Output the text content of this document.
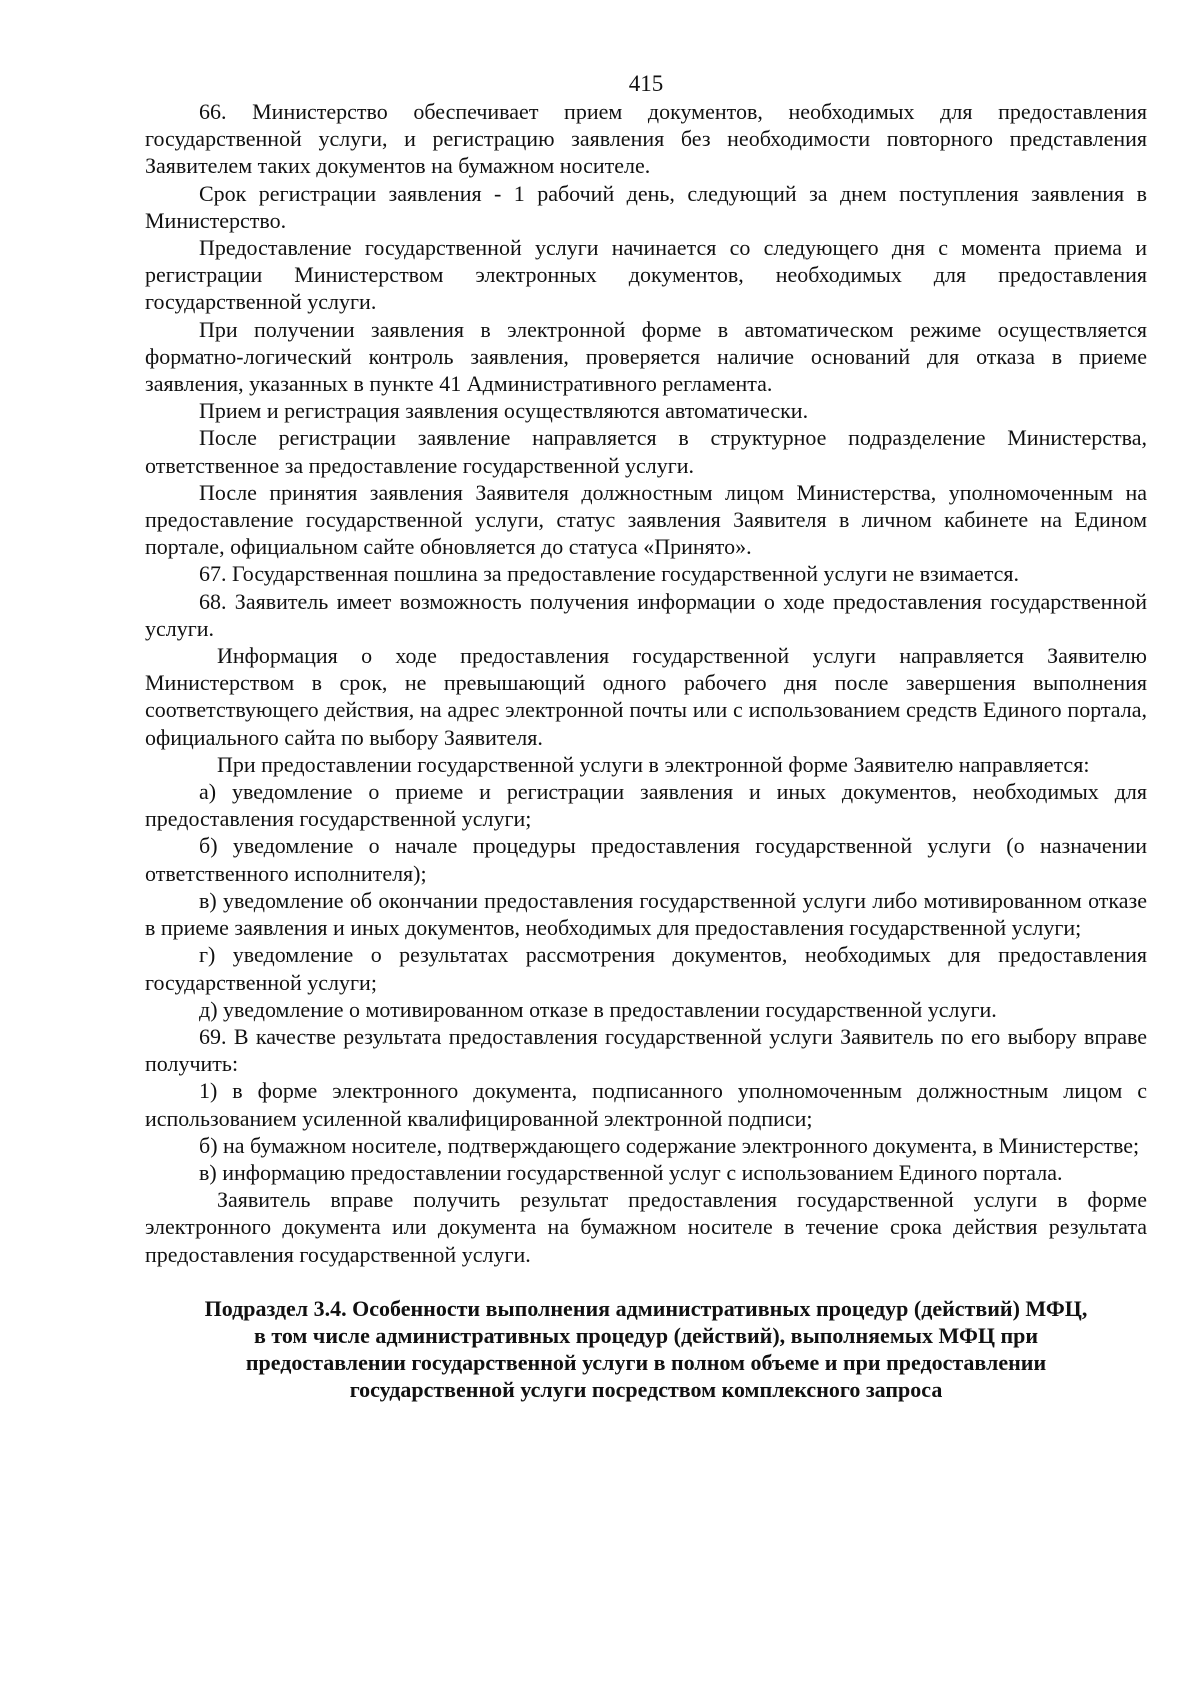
415

66. Министерство обеспечивает прием документов, необходимых для предоставления государственной услуги, и регистрацию заявления без необходимости повторного представления Заявителем таких документов на бумажном носителе.

Срок регистрации заявления - 1 рабочий день, следующий за днем поступления заявления в Министерство.

Предоставление государственной услуги начинается со следующего дня с момента приема и регистрации Министерством электронных документов, необходимых для предоставления государственной услуги.

При получении заявления в электронной форме в автоматическом режиме осуществляется форматно-логический контроль заявления, проверяется наличие оснований для отказа в приеме заявления, указанных в пункте 41 Административного регламента.

Прием и регистрация заявления осуществляются автоматически.

После регистрации заявление направляется в структурное подразделение Министерства, ответственное за предоставление государственной услуги.

После принятия заявления Заявителя должностным лицом Министерства, уполномоченным на предоставление государственной услуги, статус заявления Заявителя в личном кабинете на Едином портале, официальном сайте обновляется до статуса «Принято».

67. Государственная пошлина за предоставление государственной услуги не взимается.

68. Заявитель имеет возможность получения информации о ходе предоставления государственной услуги.

Информация о ходе предоставления государственной услуги направляется Заявителю Министерством в срок, не превышающий одного рабочего дня после завершения выполнения соответствующего действия, на адрес электронной почты или с использованием средств Единого портала, официального сайта по выбору Заявителя.

При предоставлении государственной услуги в электронной форме Заявителю направляется:

а) уведомление о приеме и регистрации заявления и иных документов, необходимых для предоставления государственной услуги;

б) уведомление о начале процедуры предоставления государственной услуги (о назначении ответственного исполнителя);

в) уведомление об окончании предоставления государственной услуги либо мотивированном отказе в приеме заявления и иных документов, необходимых для предоставления государственной услуги;

г) уведомление о результатах рассмотрения документов, необходимых для предоставления государственной услуги;

д) уведомление о мотивированном отказе в предоставлении государственной услуги.

69. В качестве результата предоставления государственной услуги Заявитель по его выбору вправе получить:

1) в форме электронного документа, подписанного уполномоченным должностным лицом с использованием усиленной квалифицированной электронной подписи;

б) на бумажном носителе, подтверждающего содержание электронного документа, в Министерстве;

в) информацию предоставлении государственной услуг с использованием Единого портала.

Заявитель вправе получить результат предоставления государственной услуги в форме электронного документа или документа на бумажном носителе в течение срока действия результата предоставления государственной услуги.

Подраздел 3.4. Особенности выполнения административных процедур (действий) МФЦ,
в том числе административных процедур (действий), выполняемых МФЦ при
предоставлении государственной услуги в полном объеме и при предоставлении
государственной услуги посредством комплексного запроса
